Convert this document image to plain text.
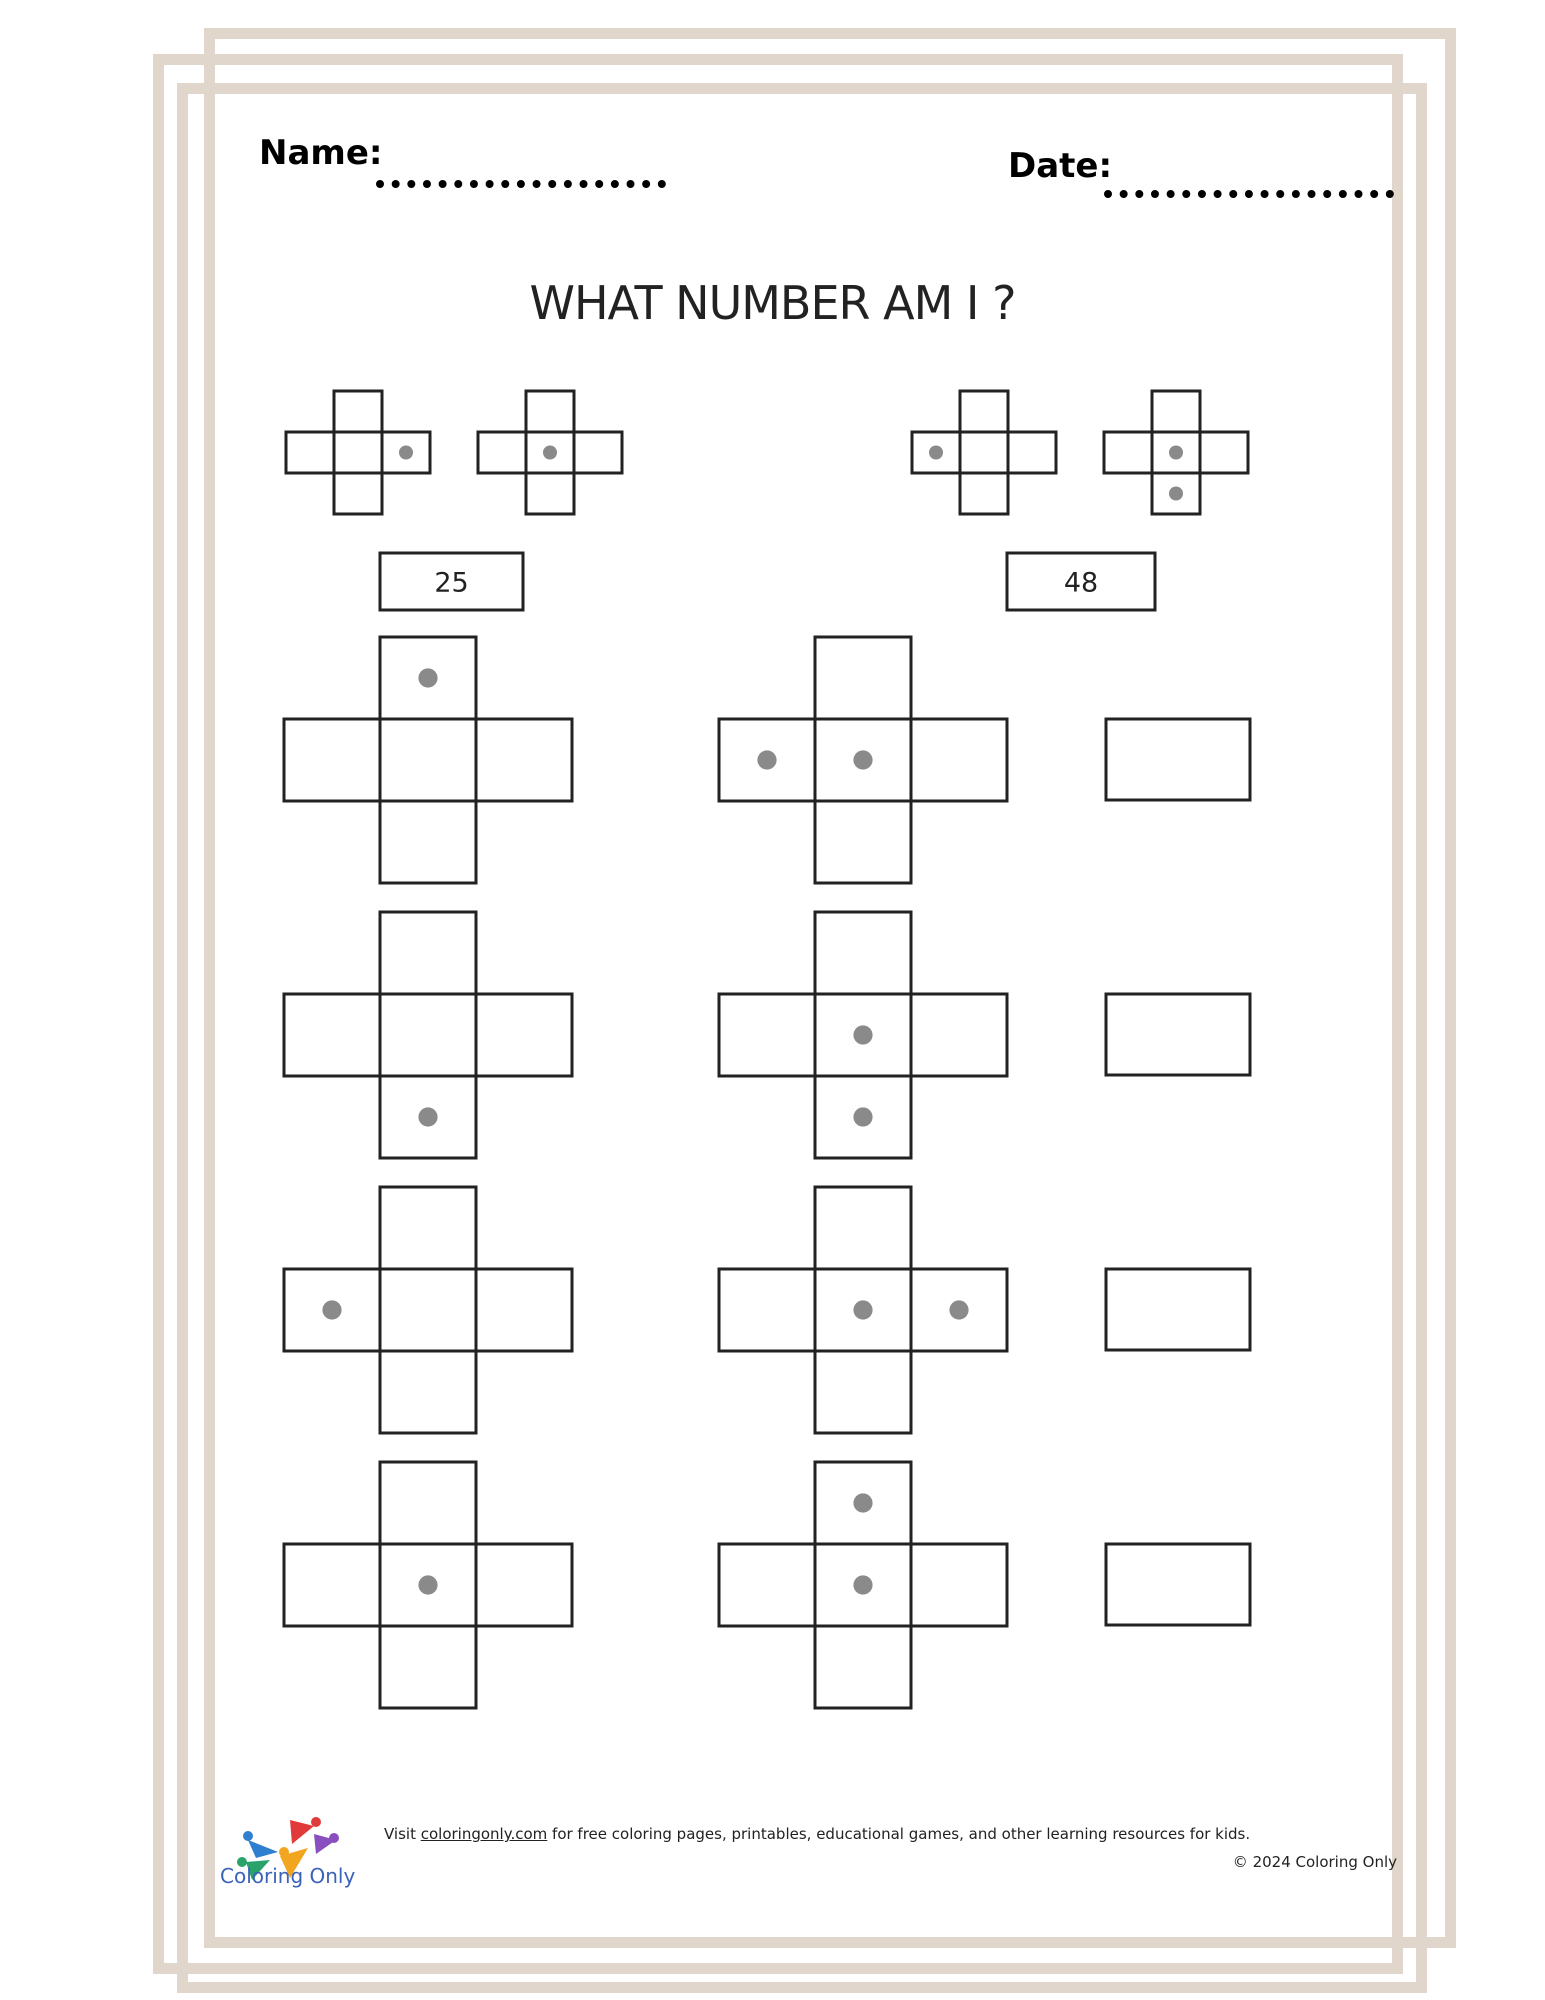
Name:	Date:
WHAT NUMBER AM I ?
25	48
Coloring Only
Visit coloringonly.com for free coloring pages, printables, educational games, and other learning resources for kids.
© 2024 Coloring Only
